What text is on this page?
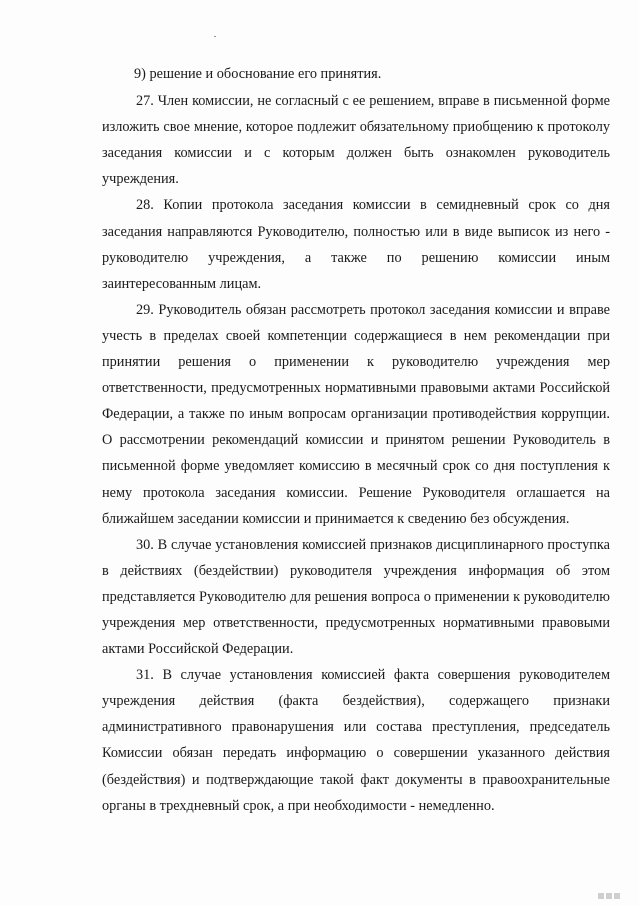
9) решение и обоснование его принятия.

27. Член комиссии, не согласный с ее решением, вправе в письменной форме изложить свое мнение, которое подлежит обязательному приобщению к протоколу заседания комиссии и с которым должен быть ознакомлен руководитель учреждения.

28. Копии протокола заседания комиссии в семидневный срок со дня заседания направляются Руководителю, полностью или в виде выписок из него - руководителю учреждения, а также по решению комиссии иным заинтересованным лицам.

29. Руководитель обязан рассмотреть протокол заседания комиссии и вправе учесть в пределах своей компетенции содержащиеся в нем рекомендации при принятии решения о применении к руководителю учреждения мер ответственности, предусмотренных нормативными правовыми актами Российской Федерации, а также по иным вопросам организации противодействия коррупции. О рассмотрении рекомендаций комиссии и принятом решении Руководитель в письменной форме уведомляет комиссию в месячный срок со дня поступления к нему протокола заседания комиссии. Решение Руководителя оглашается на ближайшем заседании комиссии и принимается к сведению без обсуждения.

30. В случае установления комиссией признаков дисциплинарного проступка в действиях (бездействии) руководителя учреждения информация об этом представляется Руководителю для решения вопроса о применении к руководителю учреждения мер ответственности, предусмотренных нормативными правовыми актами Российской Федерации.

31. В случае установления комиссией факта совершения руководителем учреждения действия (факта бездействия), содержащего признаки административного правонарушения или состава преступления, председатель Комиссии обязан передать информацию о совершении указанного действия (бездействия) и подтверждающие такой факт документы в правоохранительные органы в трехдневный срок, а при необходимости - немедленно.
